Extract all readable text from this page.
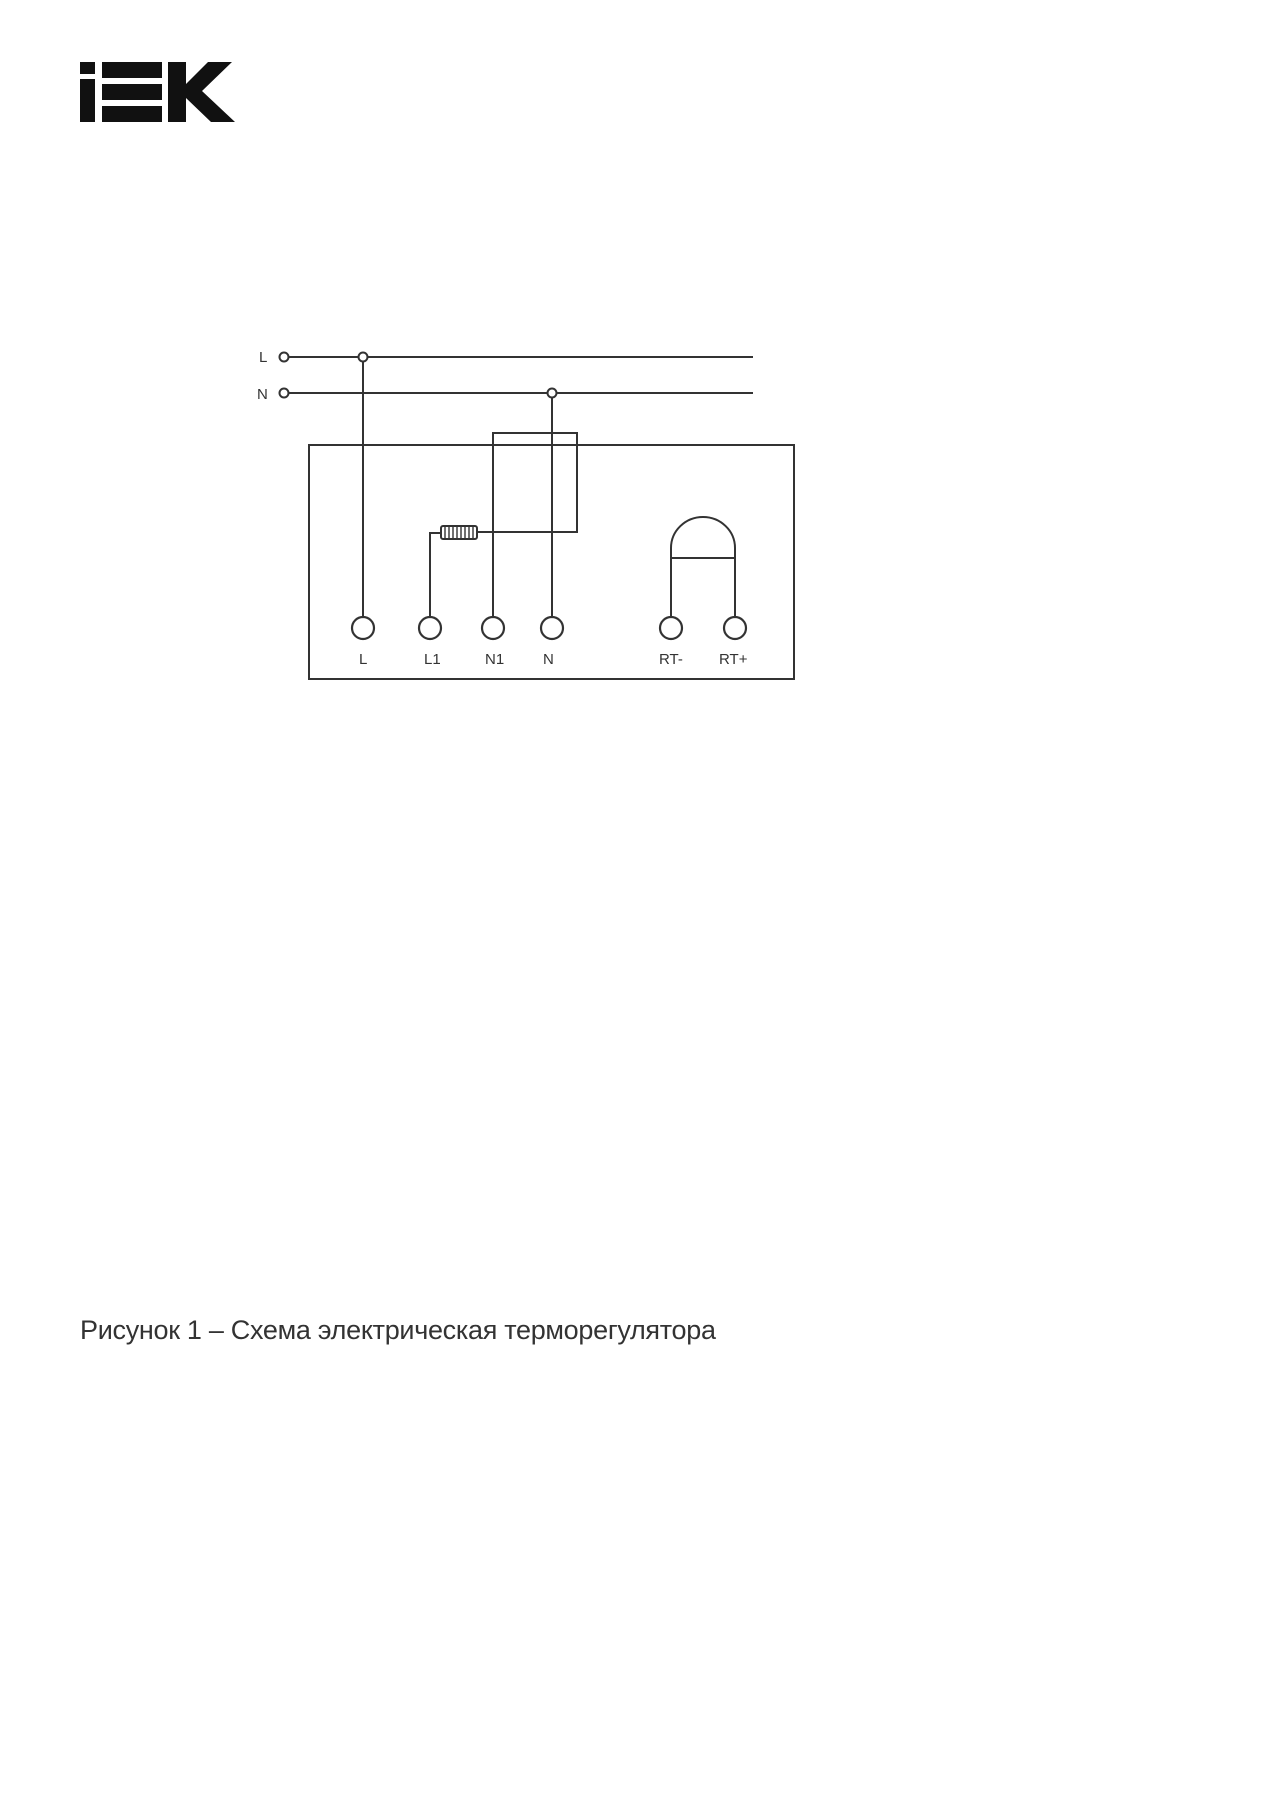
L
N
L	L1	N1	N	RT- RT+
Рисунок 1 – Схема электрическая терморегулятора
